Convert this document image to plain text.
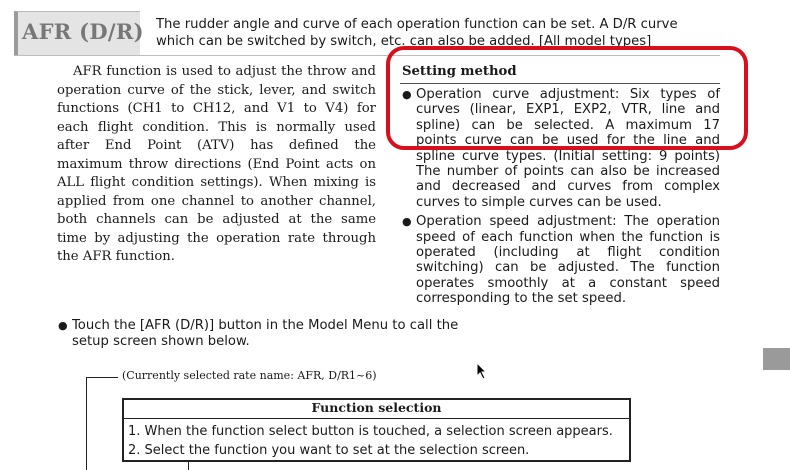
AFR (D/R) The rudder angle and curve of each operation function can be set. A D/R curve
which can be switched by switch, etc. can also be added. [All model types]
AFR function is used to adjust the throw and operation curve of the stick, lever, and switch functions (CH1 to CH12, and V1 to V4) for each flight condition. This is normally used after End Point (ATV) has defined the maximum throw directions (End Point acts on ALL flight condition settings). When mixing is applied from one channel to another channel, both channels can be adjusted at the same time by adjusting the operation rate through the AFR function.
Setting method
● Operation curve adjustment: Six types of curves (linear, EXP1, EXP2, VTR, line and spline) can be selected. A maximum 17 points curve can be used for the line and spline curve types. (Initial setting: 9 points) The number of points can also be increased and decreased and curves from complex curves to simple curves can be used.
● Operation speed adjustment: The operation speed of each function when the function is operated (including at flight condition switching) can be adjusted. The function operates smoothly at a constant speed corresponding to the set speed.
● Touch the [AFR (D/R)] button in the Model Menu to call the setup screen shown below.
(Currently selected rate name: AFR, D/R1~6)
Function selection
1. When the function select button is touched, a selection screen appears.
2. Select the function you want to set at the selection screen.
